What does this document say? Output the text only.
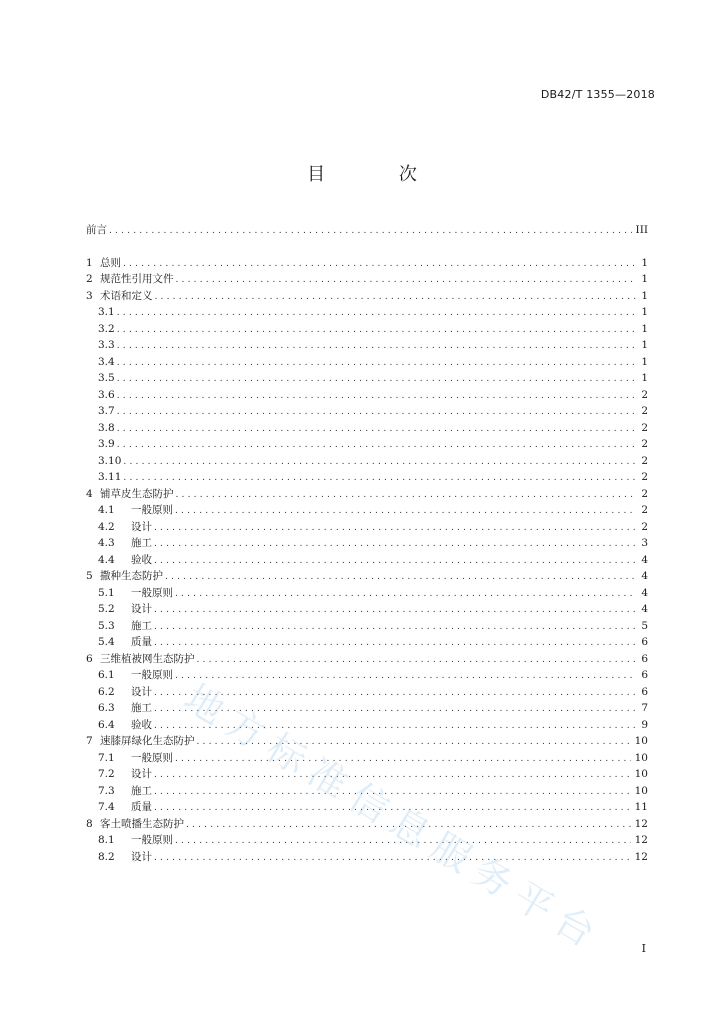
DB42/T 1355—2018
目 次
前言 .....	III
1 总则 .....	1
2 规范性引用文件 .....	1
3 术语和定义 .....	1
3.1 .....	1
3.2 .....	1
3.3 .....	1
3.4 .....	1
3.5 .....	1
3.6 .....	2
3.7 .....	2
3.8 .....	2
3.9 .....	2
3.10 .....	2
3.11 .....	2
4 铺草皮生态防护 .....	2
4.1	一般原则 .....	2
4.2	设计 .....	2
4.3	施工 .....	3
4.4	验收 .....	4
5 撒种生态防护 .....	4
5.1	一般原则 .....	4
5.2	设计 .....	4
5.3	施工 .....	5
5.4	质量 .....	6
6 三维植被网生态防护 .....	6
6.1	一般原则 .....	6
6.2	设计 .....	6
6.3	施工 .....	7
6.4	验收 .....	9
7 速膝屏绿化生态防护 .....	10
7.1	一般原则 .....	10
7.2	设计 .....	10
7.3	施工 .....	10
7.4	质量 .....	11
8 客土喷播生态防护 .....	12
8.1	一般原则 .....	12
8.2	设计 .....	12
地方标准信息服务平台	I
